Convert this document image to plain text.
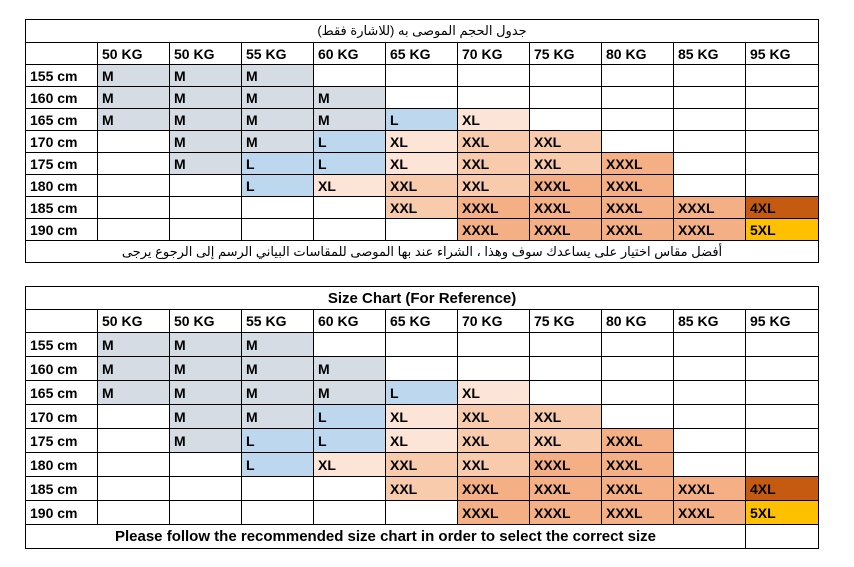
جدول الحجم الموصى به (للاشارة فقط)										
	50 KG	50 KG	55 KG	60 KG	65 KG	70 KG	75 KG	80 KG	85 KG	95 KG
155 cm	M	M	M							
160 cm	M	M	M	M						
165 cm	M	M	M	M	L	XL				
170 cm		M	M	L	XL	XXL	XXL			
175 cm		M	L	L	XL	XXL	XXL	XXXL		
180 cm			L	XL	XXL	XXL	XXXL	XXXL		
185 cm					XXL	XXXL	XXXL	XXXL	XXXL	4XL
190 cm						XXXL	XXXL	XXXL	XXXL	5XL
أفضل مقاس اختيار على يساعدك سوف وهذا ، الشراء عند بها الموصى للمقاسات البياني الرسم إلى الرجوع يرجى										
Size Chart (For Reference)										
	50 KG	50 KG	55 KG	60 KG	65 KG	70 KG	75 KG	80 KG	85 KG	95 KG
155 cm	M	M	M							
160 cm	M	M	M	M						
165 cm	M	M	M	M	L	XL				
170 cm		M	M	L	XL	XXL	XXL			
175 cm		M	L	L	XL	XXL	XXL	XXXL		
180 cm			L	XL	XXL	XXL	XXXL	XXXL		
185 cm					XXL	XXXL	XXXL	XXXL	XXXL	4XL
190 cm						XXXL	XXXL	XXXL	XXXL	5XL
Please follow the recommended size chart in order to select the correct size										
